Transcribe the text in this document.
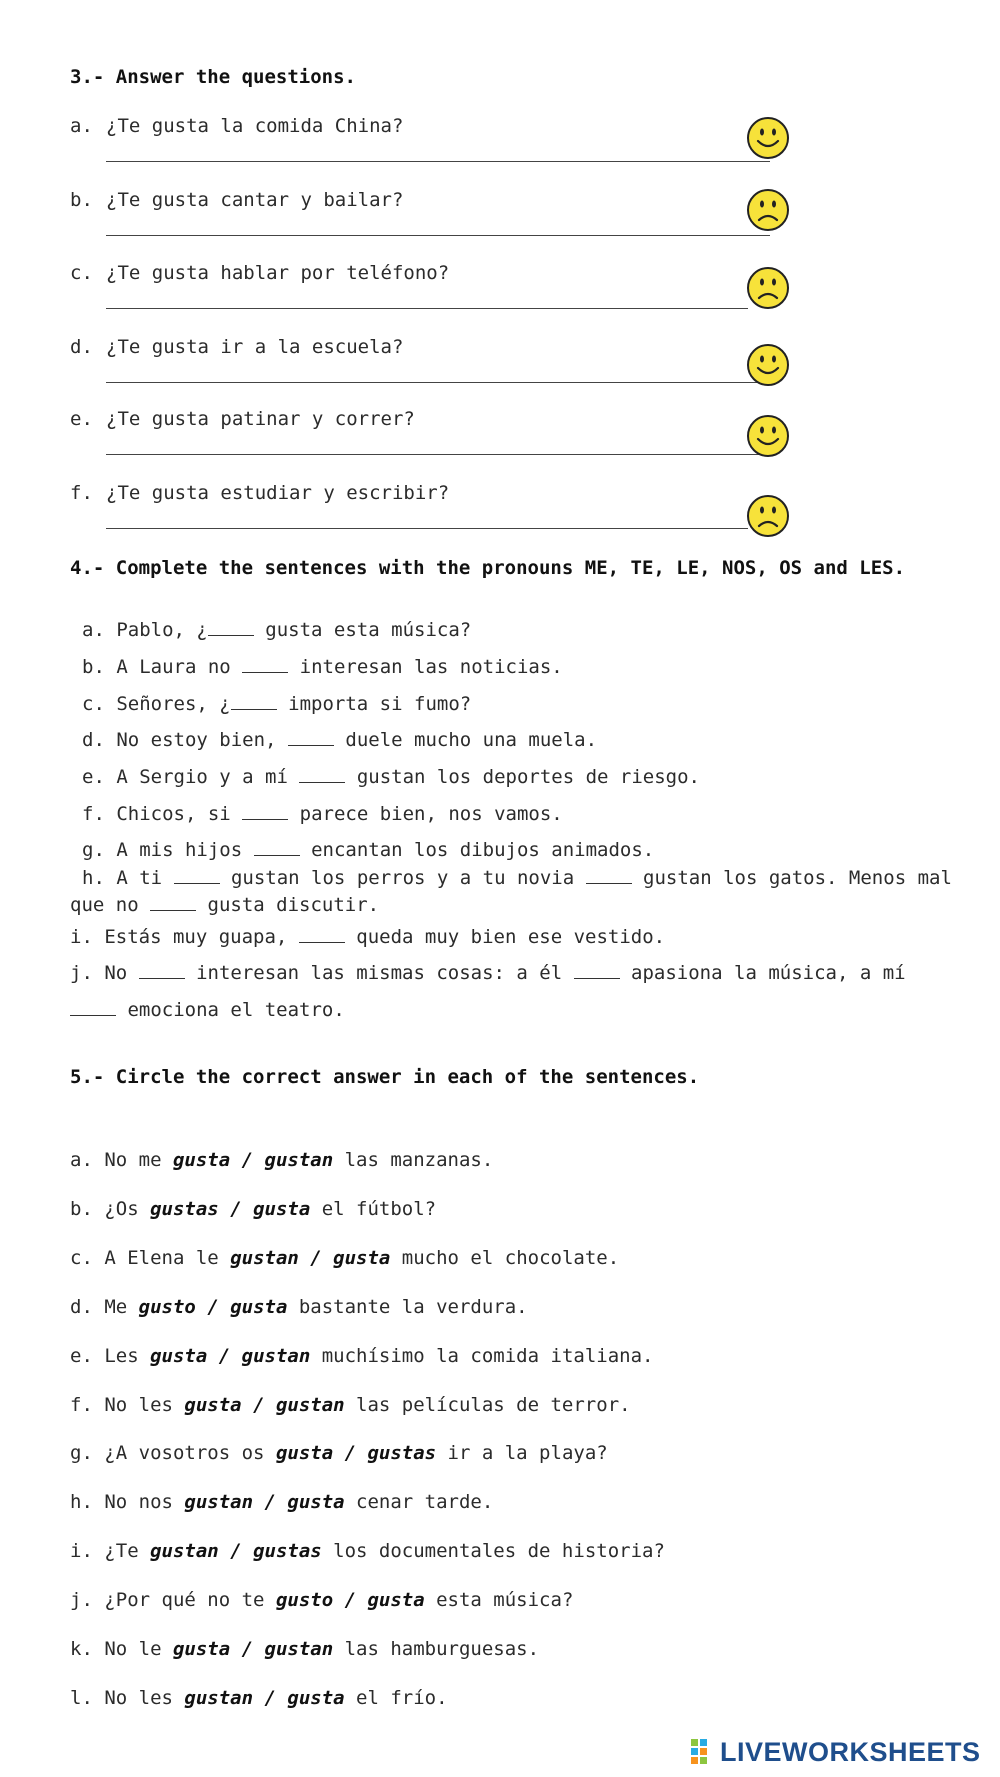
3.- Answer the questions.
a. ¿Te gusta la comida China?
b. ¿Te gusta cantar y bailar?
c. ¿Te gusta hablar por teléfono?
d. ¿Te gusta ir a la escuela?
e. ¿Te gusta patinar y correr?
f. ¿Te gusta estudiar y escribir?
4.- Complete the sentences with the pronouns ME, TE, LE, NOS, OS and LES.
a. Pablo, ¿ gusta esta música?
b. A Laura no  interesan las noticias.
c. Señores, ¿ importa si fumo?
d. No estoy bien,  duele mucho una muela.
e. A Sergio y a mí  gustan los deportes de riesgo.
f. Chicos, si  parece bien, nos vamos.
g. A mis hijos  encantan los dibujos animados.
h. A ti  gustan los perros y a tu novia  gustan los gatos. Menos mal que no  gusta discutir.
i. Estás muy guapa,  queda muy bien ese vestido.
j. No  interesan las mismas cosas: a él  apasiona la música, a mí
emociona el teatro.
5.- Circle the correct answer in each of the sentences.
a. No me gusta / gustan las manzanas.
b. ¿Os gustas / gusta el fútbol?
c. A Elena le gustan / gusta mucho el chocolate.
d. Me gusto / gusta bastante la verdura.
e. Les gusta / gustan muchísimo la comida italiana.
f. No les gusta / gustan las películas de terror.
g. ¿A vosotros os gusta / gustas ir a la playa?
h. No nos gustan / gusta cenar tarde.
i. ¿Te gustan / gustas los documentales de historia?
j. ¿Por qué no te gusto / gusta esta música?
k. No le gusta / gustan las hamburguesas.
l. No les gustan / gusta el frío.
LIVEWORKSHEETS
